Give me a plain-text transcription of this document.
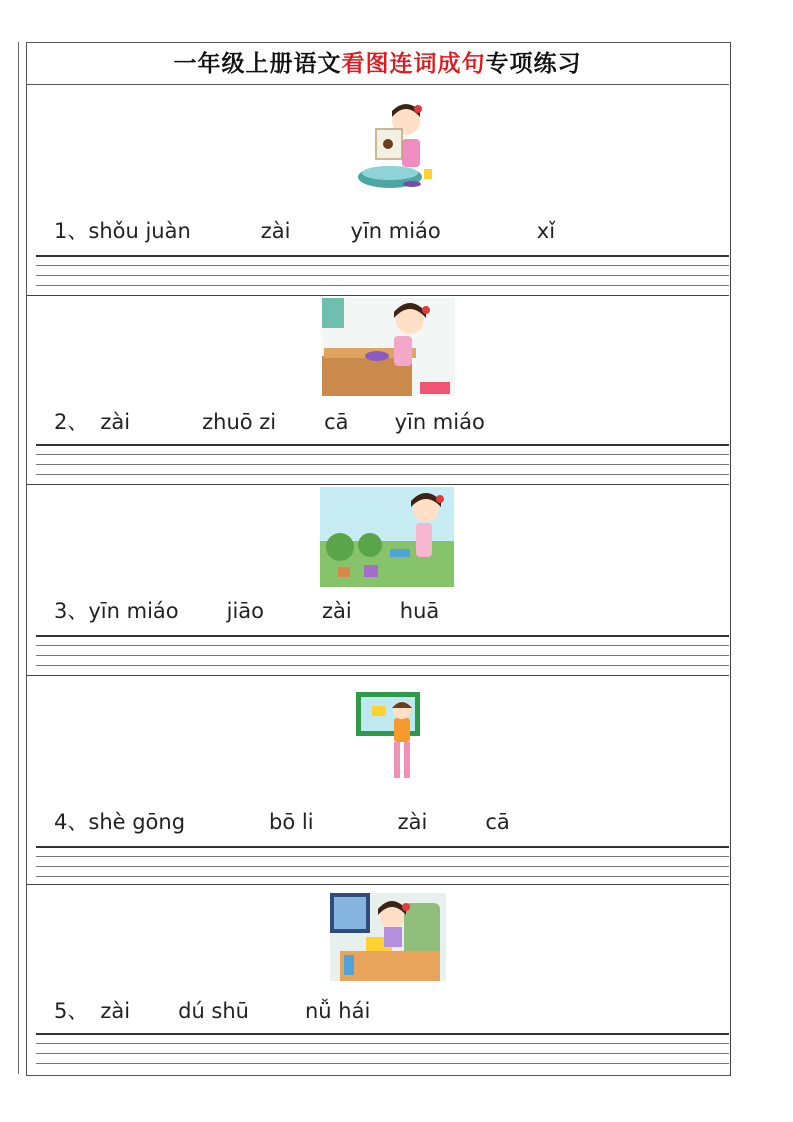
一年级上册语文看图连词成句专项练习
1、shǒu juàn	zài	yīn miáo	xǐ
2、 zài	zhuō zi cā yīn miáo
3、yīn miáo jiāo	zài huā
4、shè gōng	bō li	zài	cā
5、 zài dú shū	nǚ hái
